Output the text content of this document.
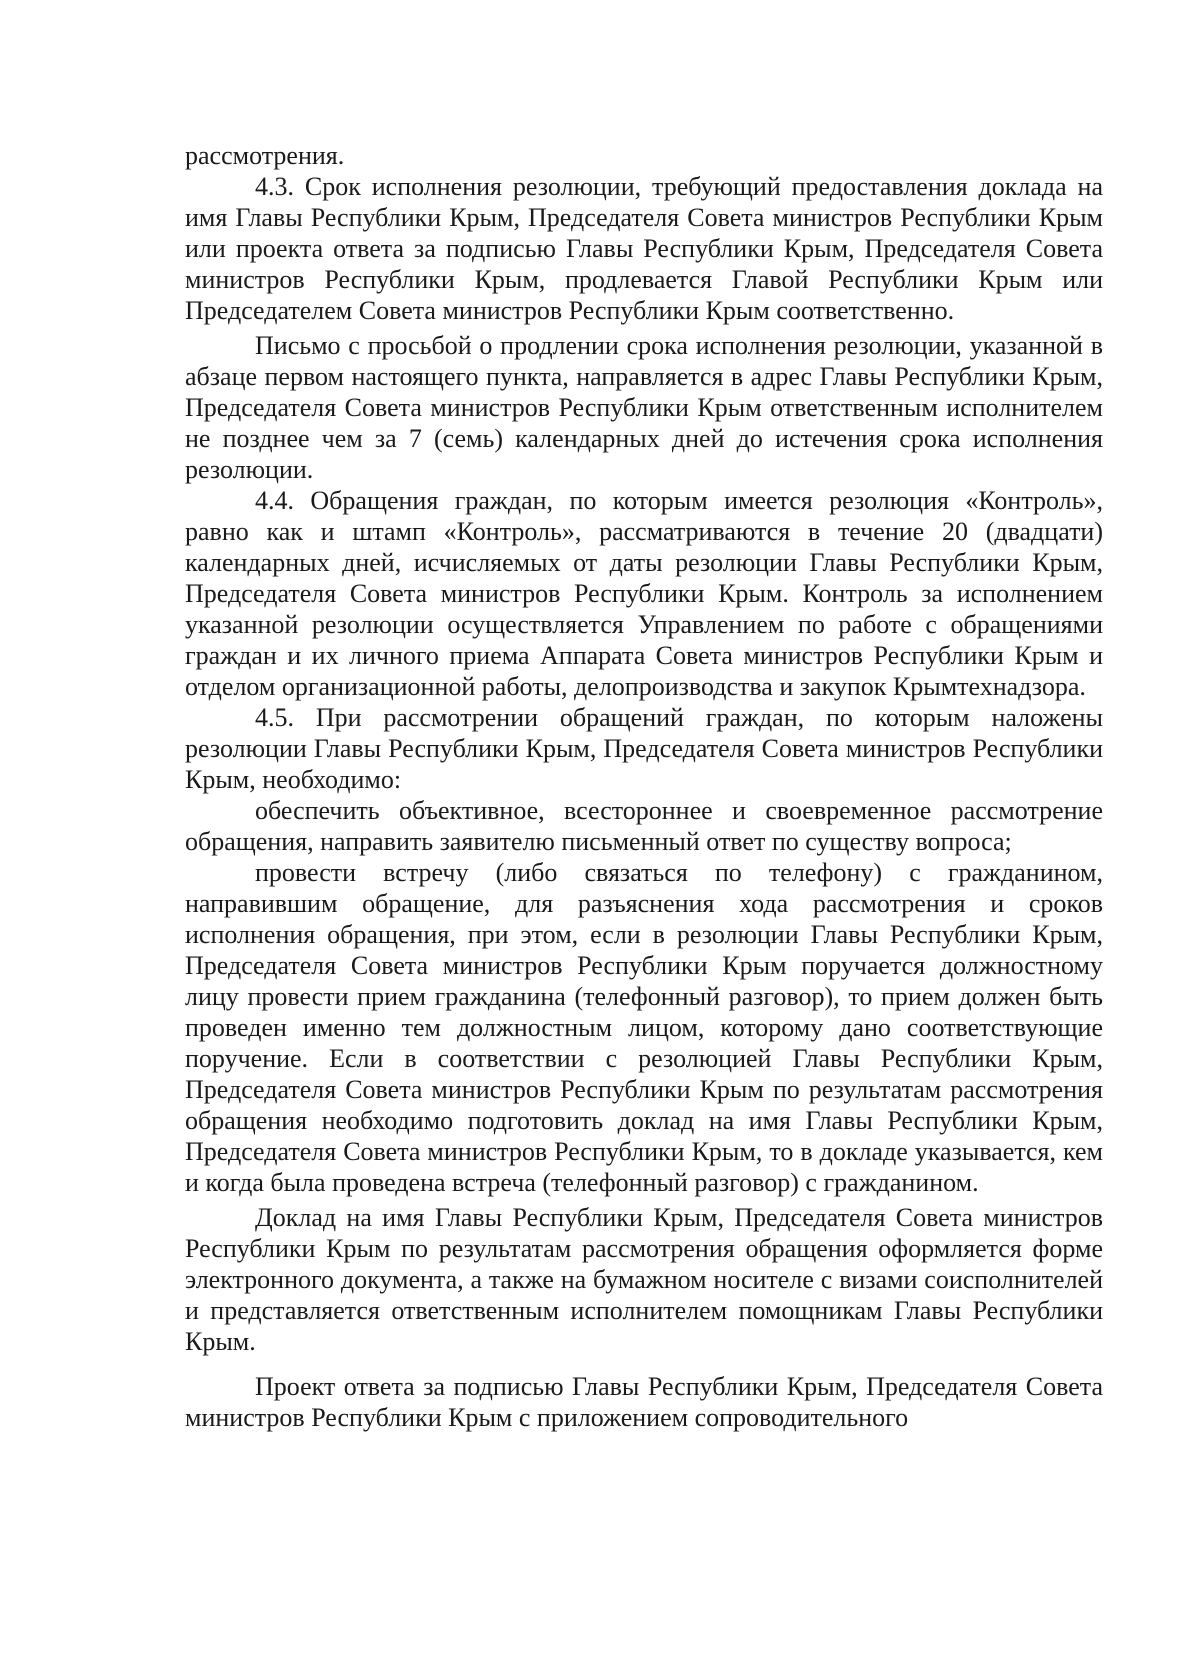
рассмотрения.

4.3. Срок исполнения резолюции, требующий предоставления доклада на имя Главы Республики Крым, Председателя Совета министров Республики Крым или проекта ответа за подписью Главы Республики Крым, Председателя Совета министров Республики Крым, продлевается Главой Республики Крым или Председателем Совета министров Республики Крым соответственно.

Письмо с просьбой о продлении срока исполнения резолюции, указанной в абзаце первом настоящего пункта, направляется в адрес Главы Республики Крым, Председателя Совета министров Республики Крым ответственным исполнителем не позднее чем за 7 (семь) календарных дней до истечения срока исполнения резолюции.

4.4. Обращения граждан, по которым имеется резолюция «Контроль», равно как и штамп «Контроль», рассматриваются в течение 20 (двадцати) календарных дней, исчисляемых от даты резолюции Главы Республики Крым, Председателя Совета министров Республики Крым. Контроль за исполнением указанной резолюции осуществляется Управлением по работе с обращениями граждан и их личного приема Аппарата Совета министров Республики Крым и отделом организационной работы, делопроизводства и закупок Крымтехнадзора.

4.5. При рассмотрении обращений граждан, по которым наложены резолюции Главы Республики Крым, Председателя Совета министров Республики Крым, необходимо:

обеспечить объективное, всестороннее и своевременное рассмотрение обращения, направить заявителю письменный ответ по существу вопроса;

провести встречу (либо связаться по телефону) с гражданином, направившим обращение, для разъяснения хода рассмотрения и сроков исполнения обращения, при этом, если в резолюции Главы Республики Крым, Председателя Совета министров Республики Крым поручается должностному лицу провести прием гражданина (телефонный разговор), то прием должен быть проведен именно тем должностным лицом, которому дано соответствующие поручение. Если в соответствии с резолюцией Главы Республики Крым, Председателя Совета министров Республики Крым по результатам рассмотрения обращения необходимо подготовить доклад на имя Главы Республики Крым, Председателя Совета министров Республики Крым, то в докладе указывается, кем и когда была проведена встреча (телефонный разговор) с гражданином.

Доклад на имя Главы Республики Крым, Председателя Совета министров Республики Крым по результатам рассмотрения обращения оформляется форме электронного документа, а также на бумажном носителе с визами соисполнителей и представляется ответственным исполнителем помощникам Главы Республики Крым.

Проект ответа за подписью Главы Республики Крым, Председателя Совета министров Республики Крым с приложением сопроводительного
